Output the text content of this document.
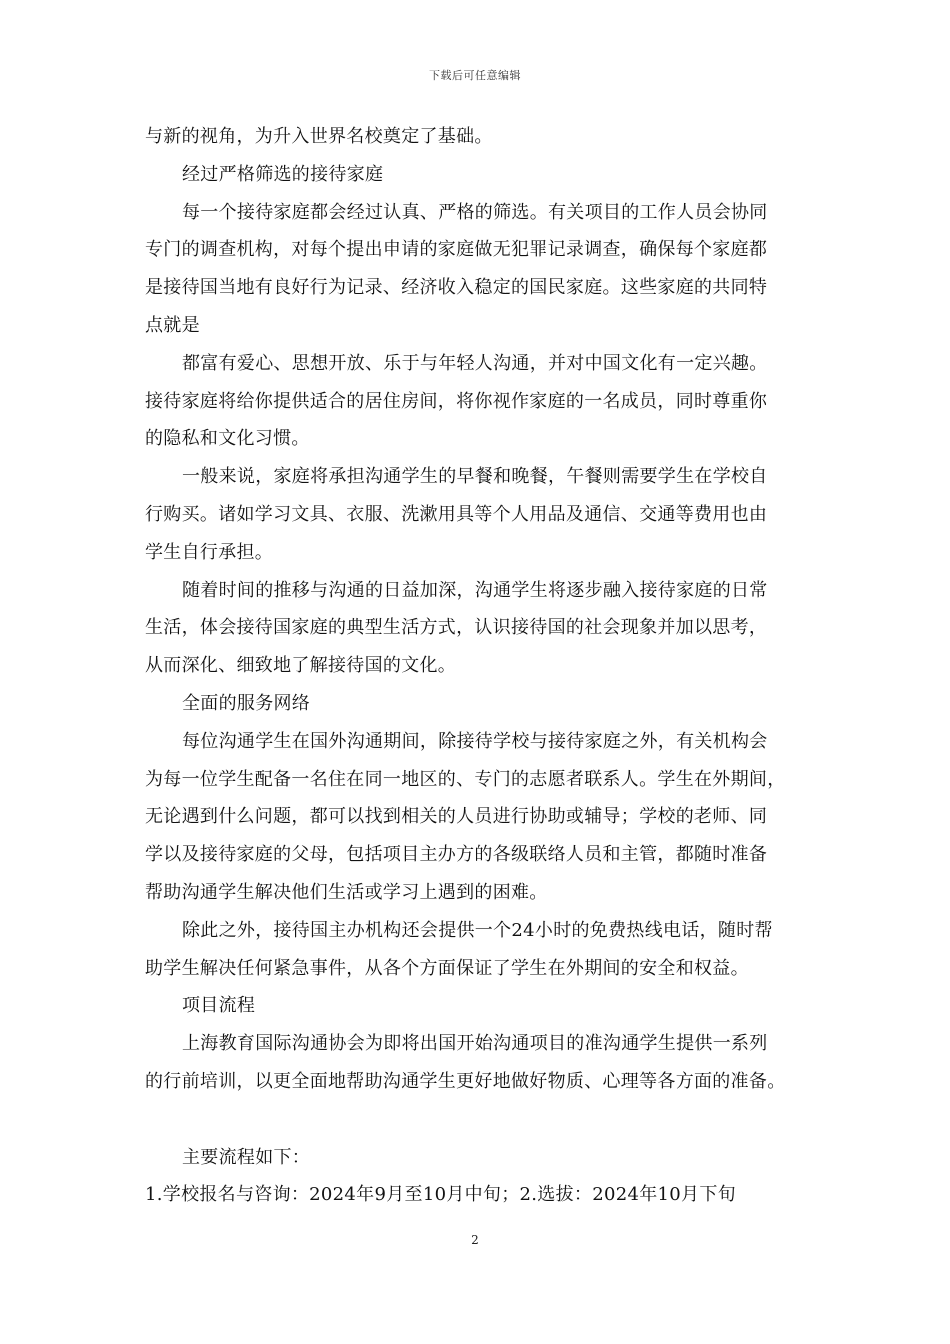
下载后可任意编辑

与新的视角，为升入世界名校奠定了基础。

经过严格筛选的接待家庭

每一个接待家庭都会经过认真、严格的筛选。有关项目的工作人员会协同

专门的调查机构，对每个提出申请的家庭做无犯罪记录调查，确保每个家庭都

是接待国当地有良好行为记录、经济收入稳定的国民家庭。这些家庭的共同特

点就是

都富有爱心、思想开放、乐于与年轻人沟通，并对中国文化有一定兴趣。

接待家庭将给你提供适合的居住房间，将你视作家庭的一名成员，同时尊重你

的隐私和文化习惯。

一般来说，家庭将承担沟通学生的早餐和晚餐，午餐则需要学生在学校自

行购买。诸如学习文具、衣服、洗漱用具等个人用品及通信、交通等费用也由

学生自行承担。

随着时间的推移与沟通的日益加深，沟通学生将逐步融入接待家庭的日常

生活，体会接待国家庭的典型生活方式，认识接待国的社会现象并加以思考，

从而深化、细致地了解接待国的文化。

全面的服务网络

每位沟通学生在国外沟通期间，除接待学校与接待家庭之外，有关机构会

为每一位学生配备一名住在同一地区的、专门的志愿者联系人。学生在外期间，

无论遇到什么问题，都可以找到相关的人员进行协助或辅导；学校的老师、同

学以及接待家庭的父母，包括项目主办方的各级联络人员和主管，都随时准备

帮助沟通学生解决他们生活或学习上遇到的困难。

除此之外，接待国主办机构还会提供一个24小时的免费热线电话，随时帮

助学生解决任何紧急事件，从各个方面保证了学生在外期间的安全和权益。

项目流程

上海教育国际沟通协会为即将出国开始沟通项目的准沟通学生提供一系列

的行前培训，以更全面地帮助沟通学生更好地做好物质、心理等各方面的准备。

主要流程如下：

1.学校报名与咨询：2024年9月至10月中旬；2.选拔：2024年10月下旬

2
